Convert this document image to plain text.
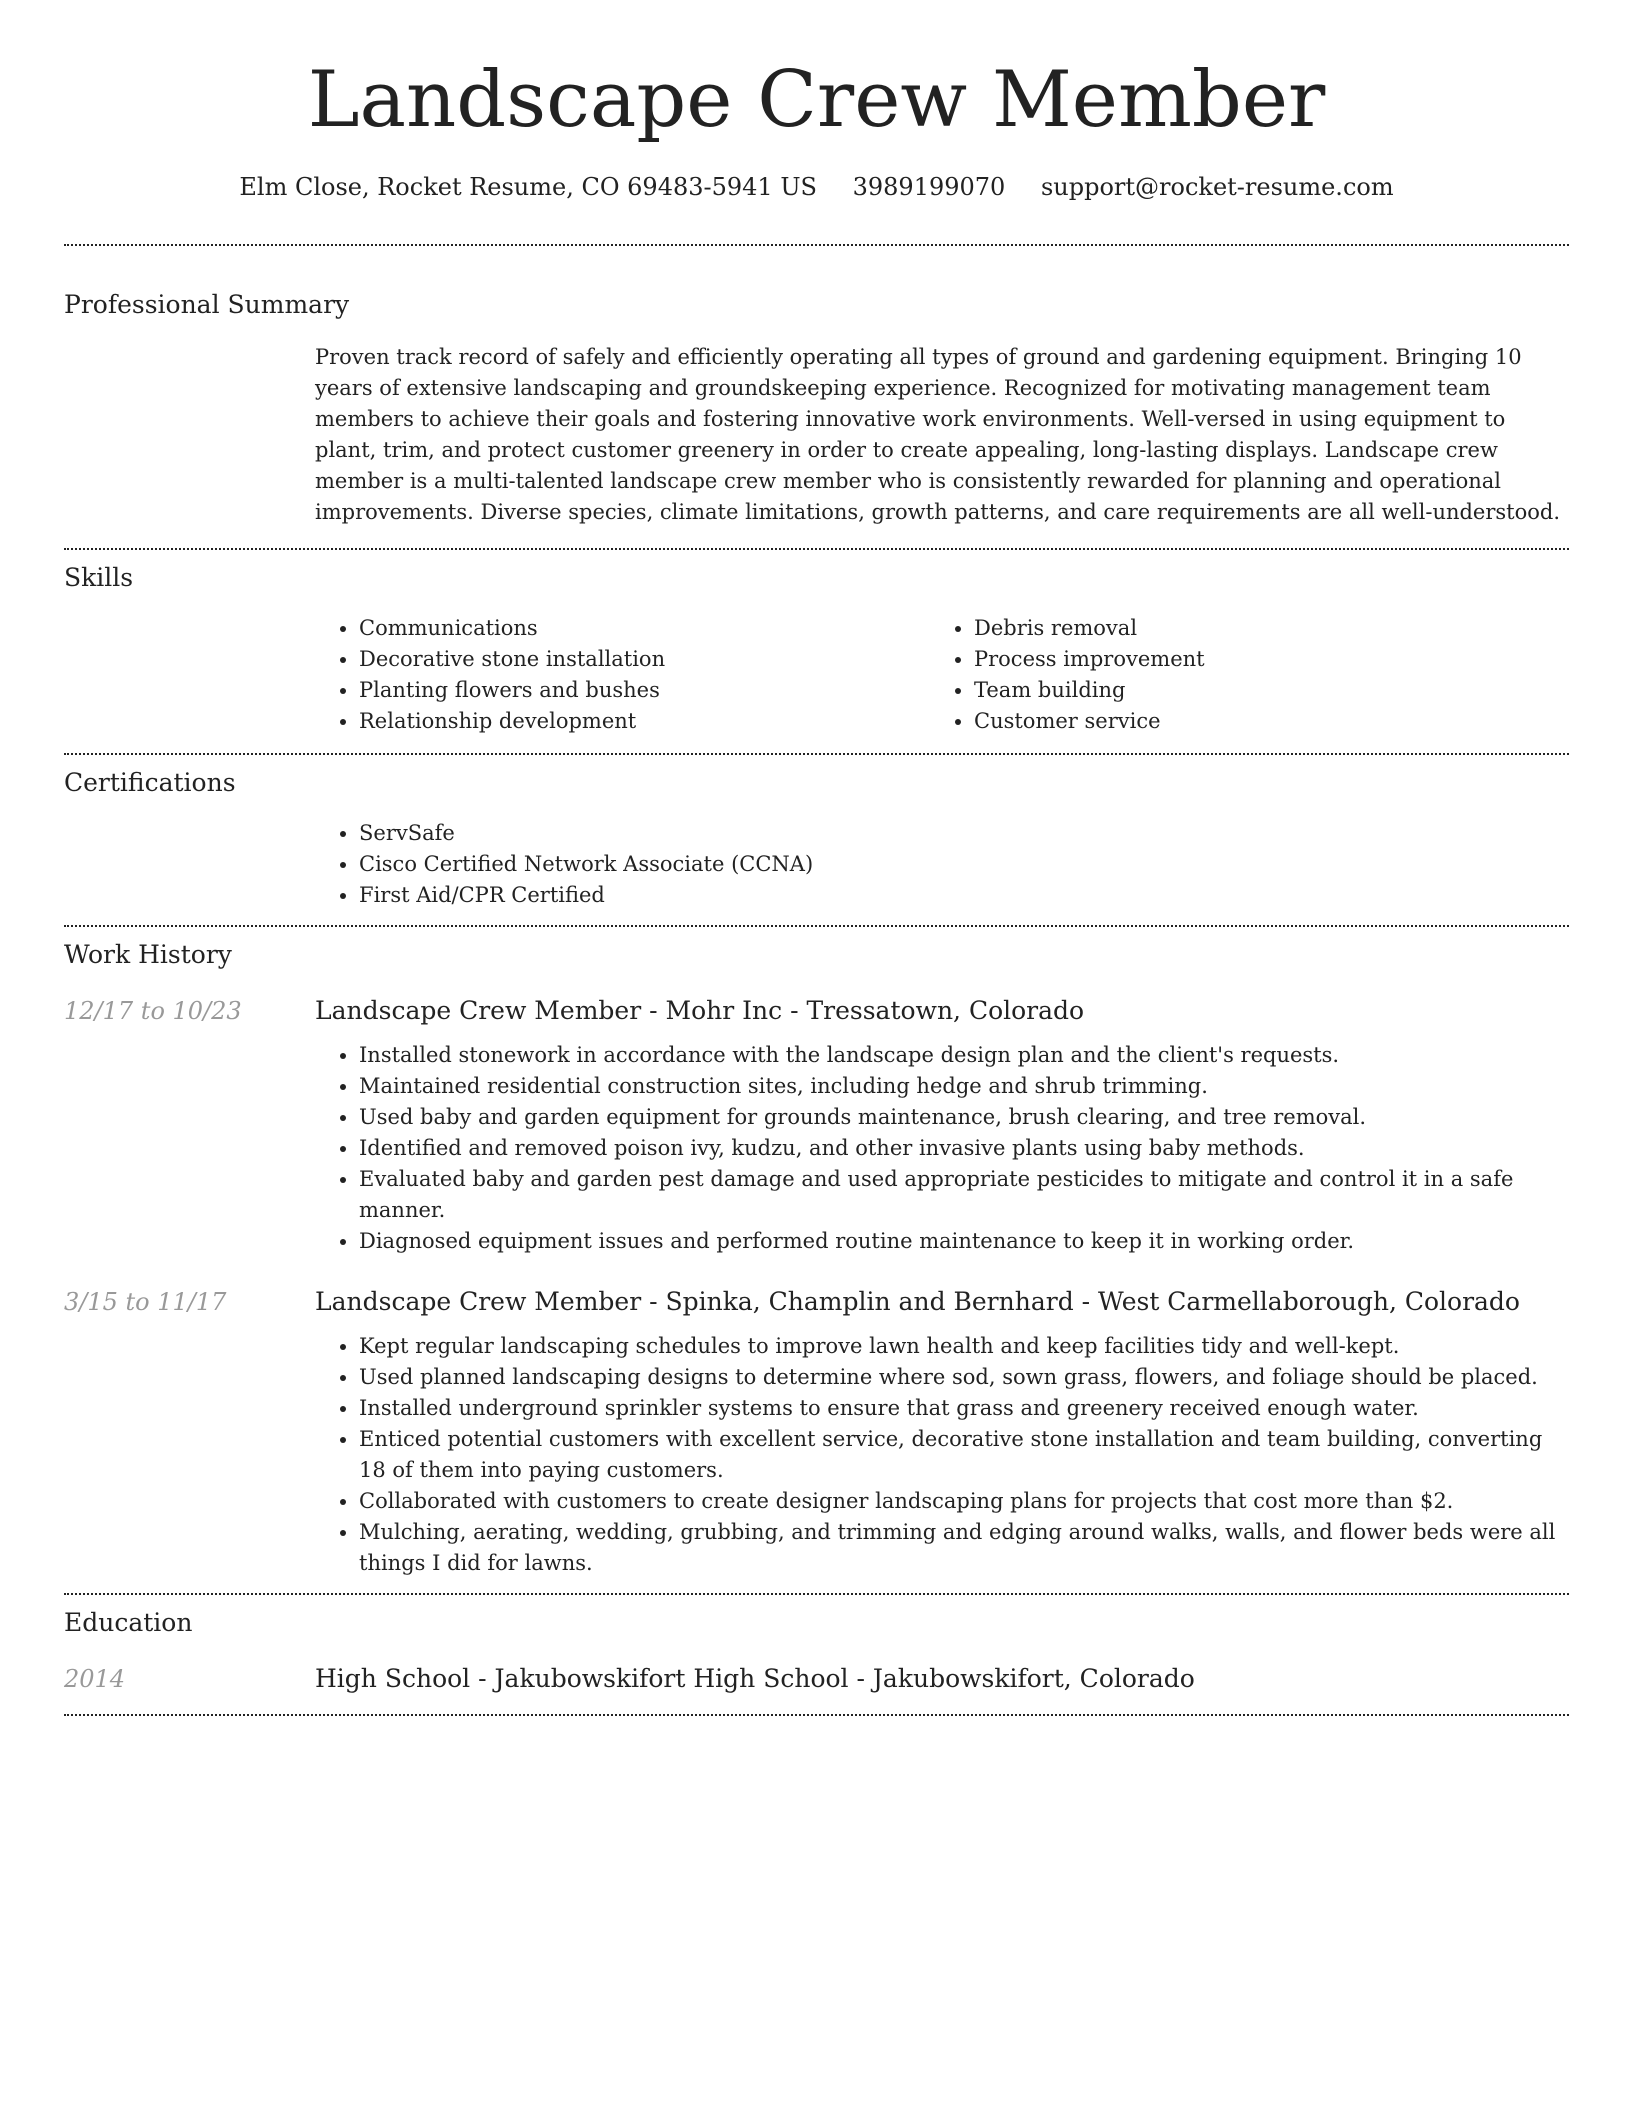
Landscape Crew Member
Elm Close, Rocket Resume, CO 69483-5941 US 3989199070 support@rocket-resume.com
Professional Summary
Proven track record of safely and efficiently operating all types of ground and gardening equipment. Bringing 10 years of extensive landscaping and groundskeeping experience. Recognized for motivating management team members to achieve their goals and fostering innovative work environments. Well-versed in using equipment to plant, trim, and protect customer greenery in order to create appealing, long-lasting displays. Landscape crew member is a multi-talented landscape crew member who is consistently rewarded for planning and operational improvements. Diverse species, climate limitations, growth patterns, and care requirements are all well-understood.
Skills
• Communications
• Decorative stone installation
• Planting flowers and bushes
• Relationship development
• Debris removal
• Process improvement
• Team building
• Customer service
Certifications
• ServSafe
• Cisco Certified Network Associate (CCNA)
• First Aid/CPR Certified
Work History
12/17 to 10/23	Landscape Crew Member - Mohr Inc - Tressatown, Colorado
• Installed stonework in accordance with the landscape design plan and the client's requests.
• Maintained residential construction sites, including hedge and shrub trimming.
• Used baby and garden equipment for grounds maintenance, brush clearing, and tree removal.
• Identified and removed poison ivy, kudzu, and other invasive plants using baby methods.
• Evaluated baby and garden pest damage and used appropriate pesticides to mitigate and control it in a safe manner.
• Diagnosed equipment issues and performed routine maintenance to keep it in working order.
3/15 to 11/17	Landscape Crew Member - Spinka, Champlin and Bernhard - West Carmellaborough, Colorado
• Kept regular landscaping schedules to improve lawn health and keep facilities tidy and well-kept.
• Used planned landscaping designs to determine where sod, sown grass, flowers, and foliage should be placed.
• Installed underground sprinkler systems to ensure that grass and greenery received enough water.
• Enticed potential customers with excellent service, decorative stone installation and team building, converting 18 of them into paying customers.
• Collaborated with customers to create designer landscaping plans for projects that cost more than $2.
• Mulching, aerating, wedding, grubbing, and trimming and edging around walks, walls, and flower beds were all things I did for lawns.
Education
2014	High School - Jakubowskifort High School - Jakubowskifort, Colorado
